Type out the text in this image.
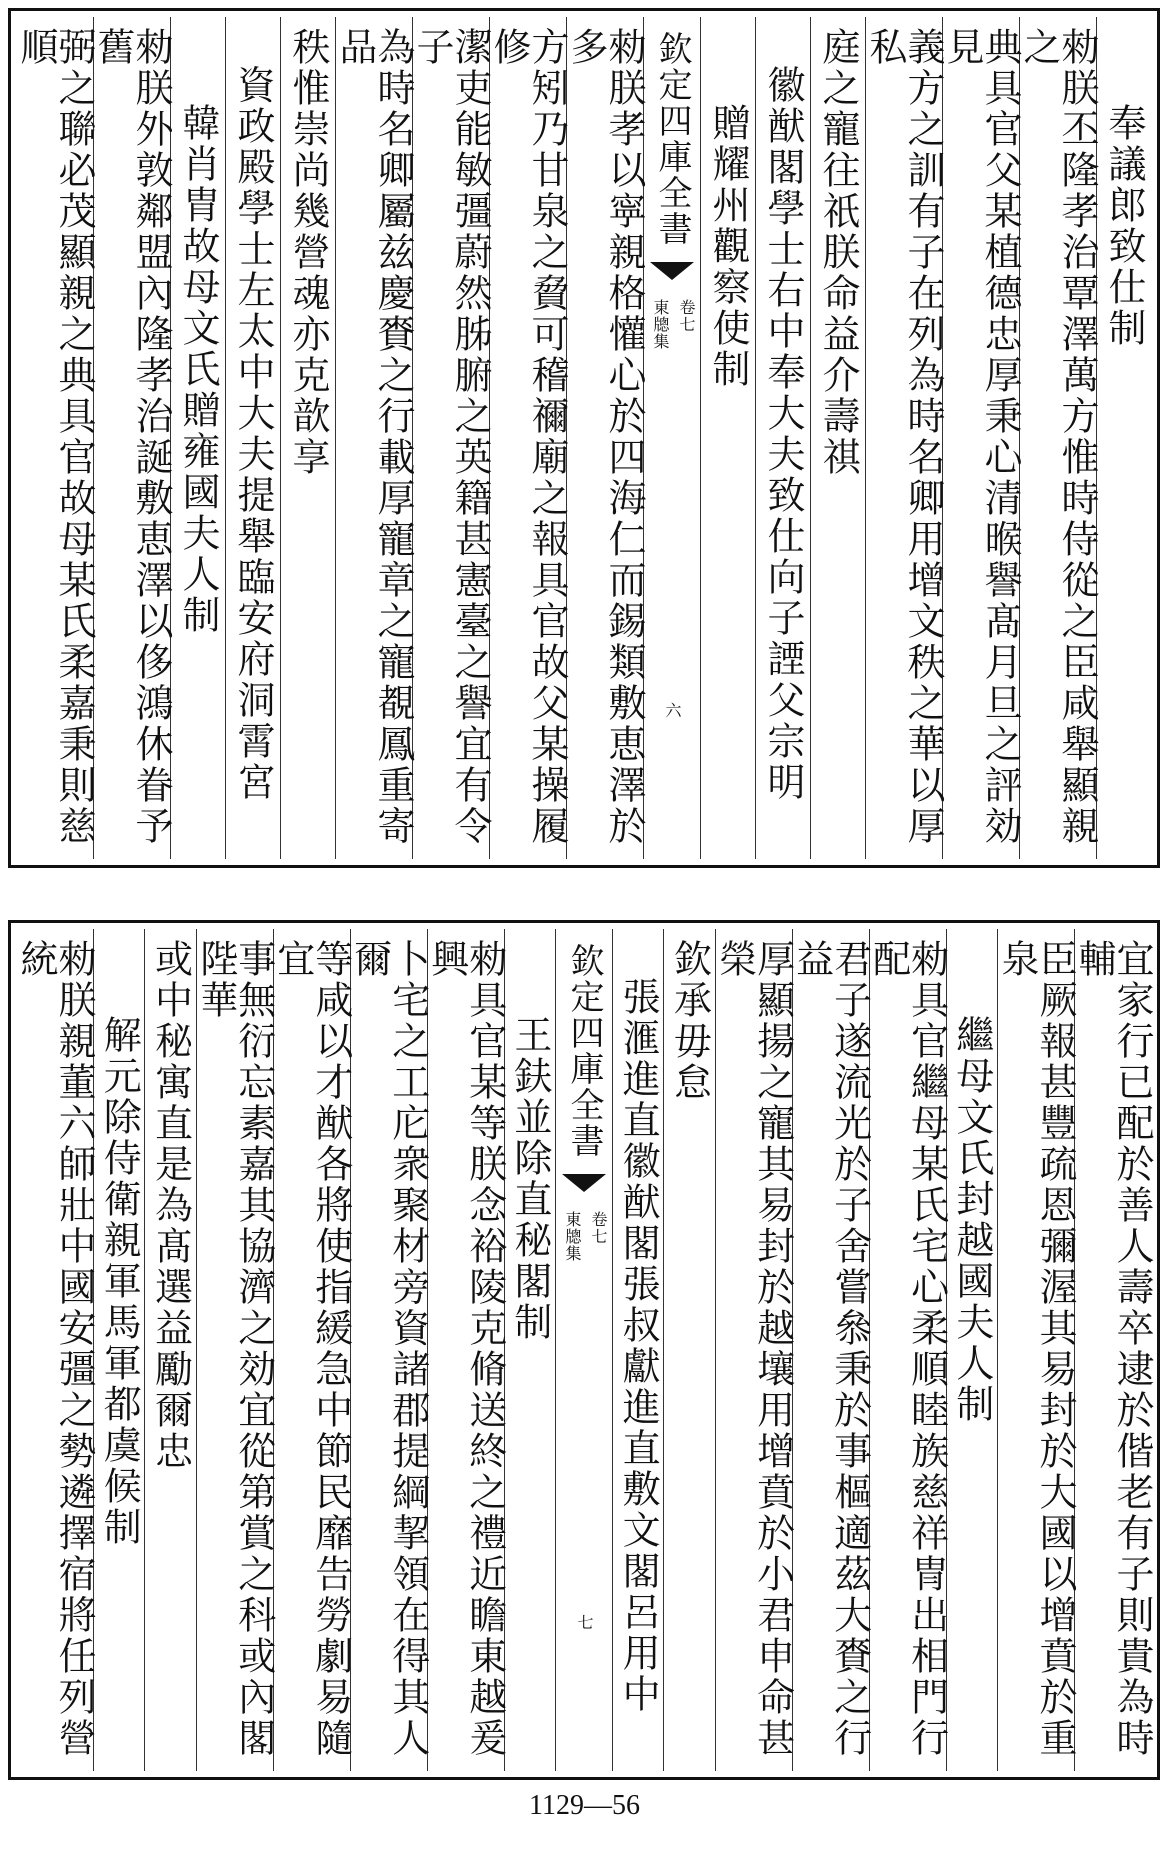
奉議郎致仕制
勑朕丕隆孝治覃澤萬方惟時侍從之臣咸舉顯親之
典具官父某植德忠厚秉心清㬋譽髙月旦之評効見
義方之訓有子在列為時名卿用增文秩之華以厚私
庭之寵往祇朕命益介壽祺
徽猷閣學士右中奉大夫致仕向子諲父宗明
贈耀州觀察使制
欽定四庫全書
東牕集 卷七
六
勑朕孝以寜親格懽心於四海仁而錫類敷恵澤於多
方矧乃甘泉之䝱可稽禰廟之報具官故父某操履修
潔吏能敏彊蔚然胏腑之英籍甚憲臺之譽宜有令子
為時名卿屬兹慶賚之行載厚寵章之寵覩鳳重寄品
秩惟崇尚幾營魂亦克歆享
資政殿學士左太中大夫提舉臨安府洞霄宮
韓肖胄故母文氏贈雍國夫人制
勑朕外敦鄰盟內隆孝治誕敷恵澤以侈鴻休眷予舊
弼之聯必茂顯親之典具官故母某氏柔嘉秉則慈順
宜家行已配於善人壽卒逮於偕老有子則貴為時輔
臣厥報甚豐疏恩彌渥其易封於大國以增賁於重泉
繼母文氏封越國夫人制
勑具官繼母某氏宅心柔順睦族慈祥冑出相門行配
君子遂流光於子舍嘗叅秉於事樞適茲大賚之行益
厚顯揚之寵其易封於越壤用增賁於小君申命甚榮
欽承毋怠
張滙進直徽猷閣張叔獻進直敷文閣呂用中
欽定四庫全書
東牕集 卷七
七
王鈇並除直秘閣制
勑具官某等朕念裕陵克脩送終之禮近瞻東越爰興
卜宅之工庀衆聚材旁資諸郡提綱挈領在得其人爾
等咸以才猷各將使指緩急中節民靡告勞劇易隨宜
事無衍忘素嘉其協濟之効宜從第賞之科或內閣陛華
或中秘寓直是為髙選益勵爾忠
解元除侍衛親軍馬軍都虞候制
勑朕親董六師壯中國安彊之勢遴擇宿將任列營統
1129—56
